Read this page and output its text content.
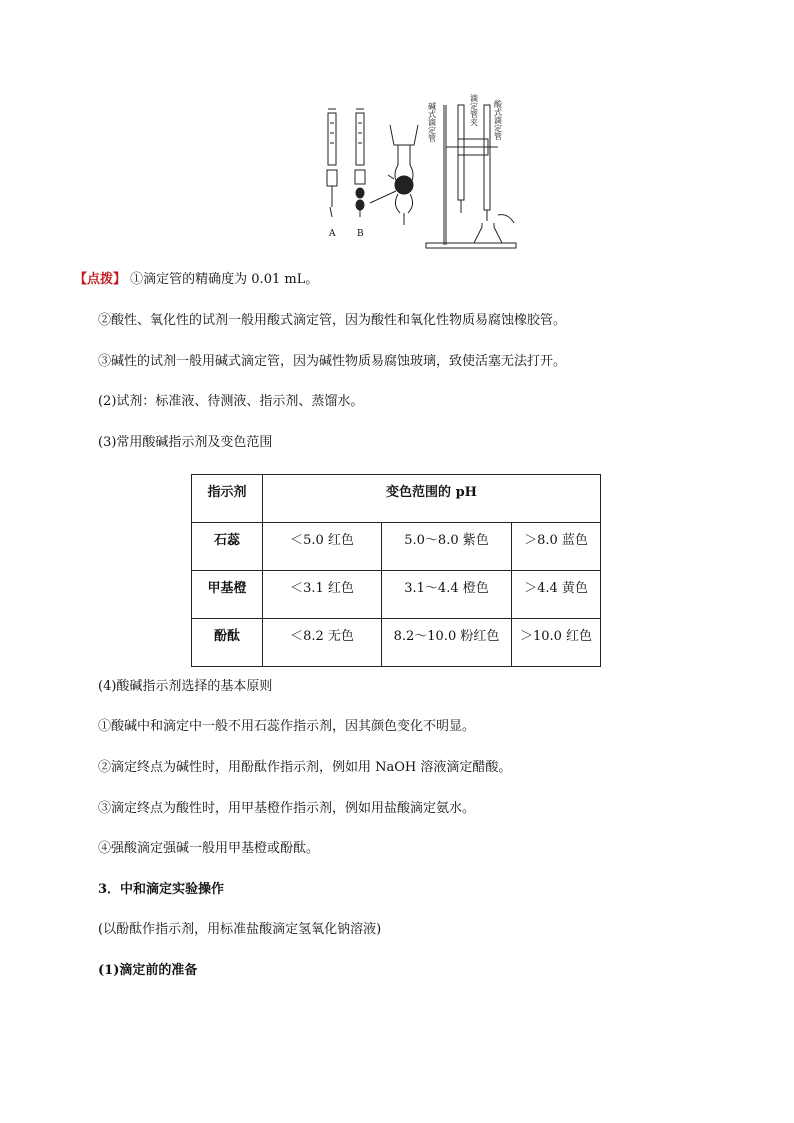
A B
碱式滴定管
滴定管夹
酸式滴定管
【点拨】 ①滴定管的精确度为 0.01 mL。
②酸性、氧化性的试剂一般用酸式滴定管，因为酸性和氧化性物质易腐蚀橡胶管。
③碱性的试剂一般用碱式滴定管，因为碱性物质易腐蚀玻璃，致使活塞无法打开。
(2)试剂：标准液、待测液、指示剂、蒸馏水。
(3)常用酸碱指示剂及变色范围
指示剂	变色范围的 pH		
石蕊	＜5.0 红色	5.0～8.0 紫色	＞8.0 蓝色
甲基橙	＜3.1 红色	3.1～4.4 橙色	＞4.4 黄色
酚酞	＜8.2 无色	8.2～10.0 粉红色	＞10.0 红色
(4)酸碱指示剂选择的基本原则
①酸碱中和滴定中一般不用石蕊作指示剂，因其颜色变化不明显。
②滴定终点为碱性时，用酚酞作指示剂，例如用 NaOH 溶液滴定醋酸。
③滴定终点为酸性时，用甲基橙作指示剂，例如用盐酸滴定氨水。
④强酸滴定强碱一般用甲基橙或酚酞。
3．中和滴定实验操作
(以酚酞作指示剂，用标准盐酸滴定氢氧化钠溶液)
(1)滴定前的准备
